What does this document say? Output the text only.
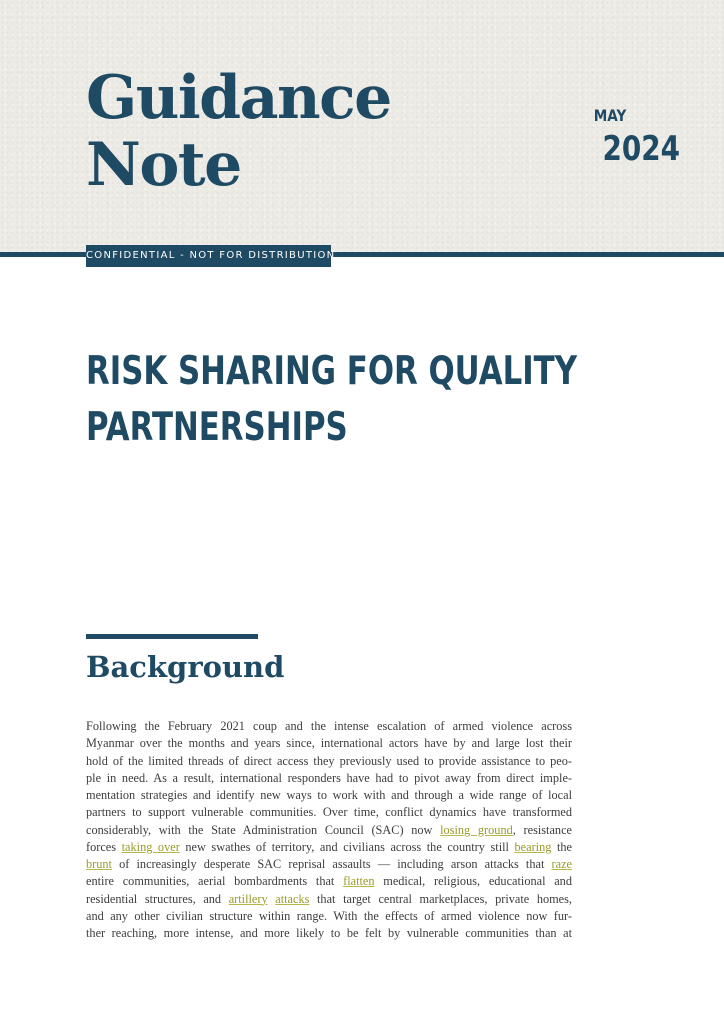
Guidance
Note
MAY
2024
CONFIDENTIAL - NOT FOR DISTRIBUTION
RISK SHARING FOR QUALITY
PARTNERSHIPS
Background
Following the February 2021 coup and the intense escalation of armed violence across
Myanmar over the months and years since, international actors have by and large lost their
hold of the limited threads of direct access they previously used to provide assistance to peo-
ple in need. As a result, international responders have had to pivot away from direct imple-
mentation strategies and identify new ways to work with and through a wide range of local
partners to support vulnerable communities. Over time, conflict dynamics have transformed
considerably, with the State Administration Council (SAC) now losing ground, resistance
forces taking over new swathes of territory, and civilians across the country still bearing the
brunt of increasingly desperate SAC reprisal assaults — including arson attacks that raze
entire communities, aerial bombardments that flatten medical, religious, educational and
residential structures, and artillery attacks that target central marketplaces, private homes,
and any other civilian structure within range. With the effects of armed violence now fur-
ther reaching, more intense, and more likely to be felt by vulnerable communities than at
